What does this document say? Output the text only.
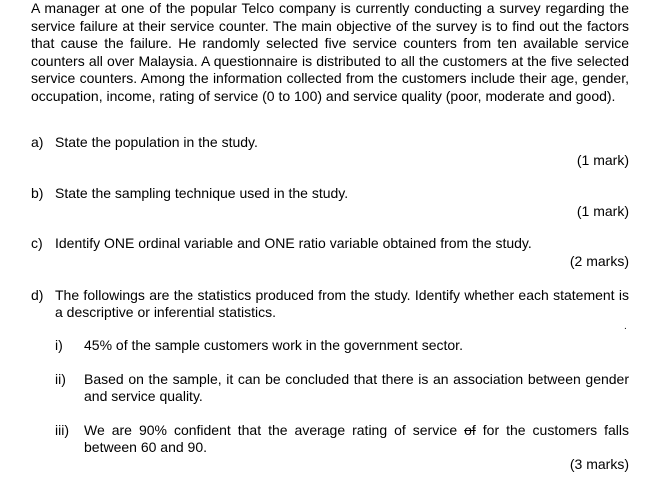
A manager at one of the popular Telco company is currently conducting a survey regarding the service failure at their service counter. The main objective of the survey is to find out the factors that cause the failure. He randomly selected five service counters from ten available service counters all over Malaysia. A questionnaire is distributed to all the customers at the five selected service counters. Among the information collected from the customers include their age, gender, occupation, income, rating of service (0 to 100) and service quality (poor, moderate and good).

a) State the population in the study.
(1 mark)
b) State the sampling technique used in the study.
(1 mark)
c) Identify ONE ordinal variable and ONE ratio variable obtained from the study.
(2 marks)
d) The followings are the statistics produced from the study. Identify whether each statement is a descriptive or inferential statistics.
.
i) 45% of the sample customers work in the government sector.
ii) Based on the sample, it can be concluded that there is an association between gender and service quality.
iii) We are 90% confident that the average rating of service of for the customers falls between 60 and 90.
(3 marks)
